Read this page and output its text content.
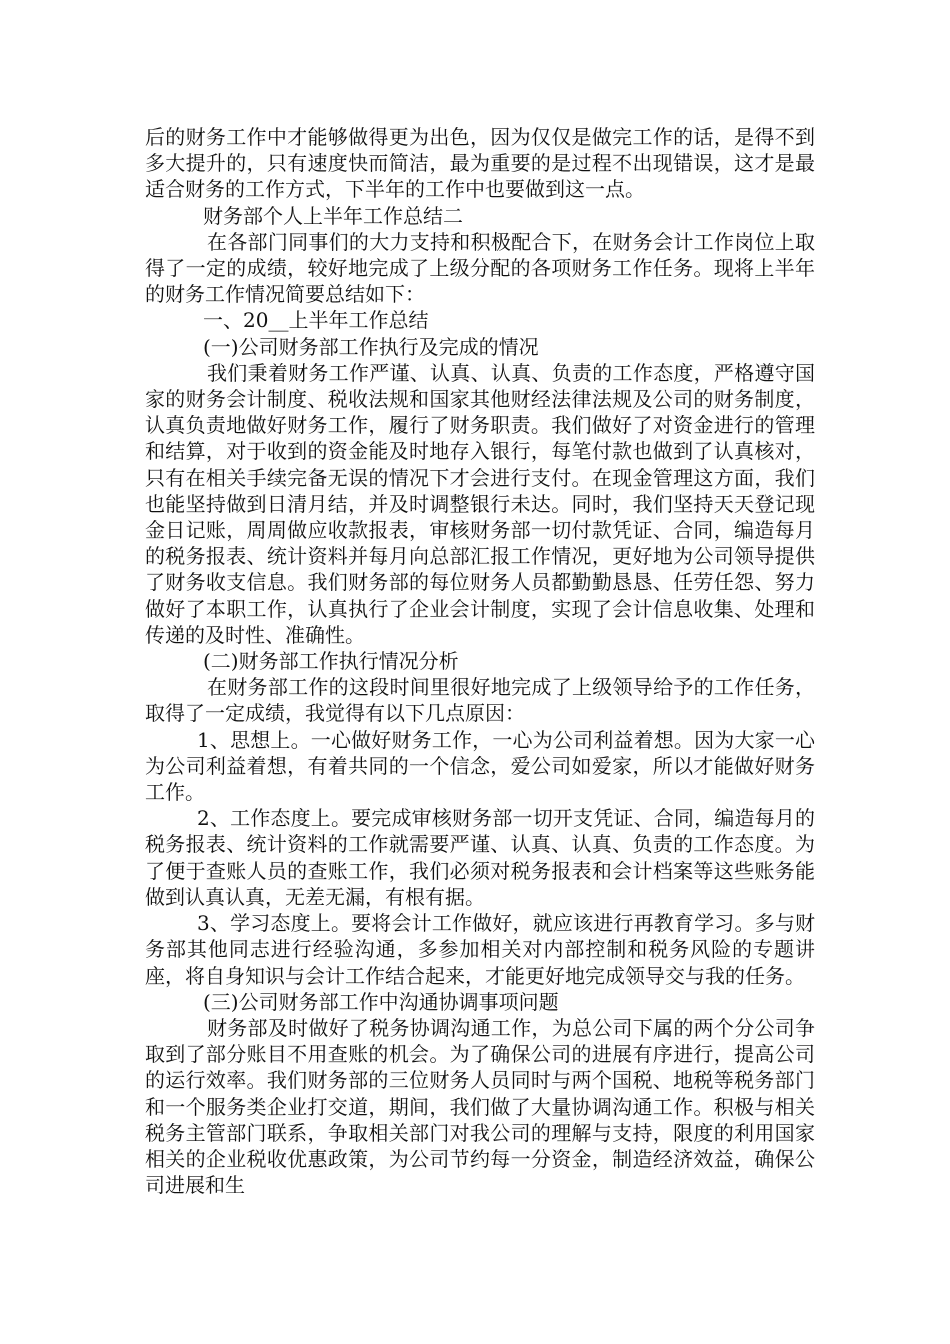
后的财务工作中才能够做得更为出色，因为仅仅是做完工作的话，是得不到多大提升的，只有速度快而简洁，最为重要的是过程不出现错误，这才是最适合财务的工作方式，下半年的工作中也要做到这一点。

财务部个人上半年工作总结二

在各部门同事们的大力支持和积极配合下，在财务会计工作岗位上取得了一定的成绩，较好地完成了上级分配的各项财务工作任务。现将上半年的财务工作情况简要总结如下：

一、20__上半年工作总结

(一)公司财务部工作执行及完成的情况

我们秉着财务工作严谨、认真、认真、负责的工作态度，严格遵守国家的财务会计制度、税收法规和国家其他财经法律法规及公司的财务制度，认真负责地做好财务工作，履行了财务职责。我们做好了对资金进行的管理和结算，对于收到的资金能及时地存入银行，每笔付款也做到了认真核对，只有在相关手续完备无误的情况下才会进行支付。在现金管理这方面，我们也能坚持做到日清月结，并及时调整银行未达。同时，我们坚持天天登记现金日记账，周周做应收款报表，审核财务部一切付款凭证、合同，编造每月的税务报表、统计资料并每月向总部汇报工作情况，更好地为公司领导提供了财务收支信息。我们财务部的每位财务人员都勤勤恳恳、任劳任怨、努力做好了本职工作，认真执行了企业会计制度，实现了会计信息收集、处理和传递的及时性、准确性。

(二)财务部工作执行情况分析

在财务部工作的这段时间里很好地完成了上级领导给予的工作任务，取得了一定成绩，我觉得有以下几点原因：

1、思想上。一心做好财务工作，一心为公司利益着想。因为大家一心为公司利益着想，有着共同的一个信念，爱公司如爱家，所以才能做好财务工作。

2、工作态度上。要完成审核财务部一切开支凭证、合同，编造每月的税务报表、统计资料的工作就需要严谨、认真、认真、负责的工作态度。为了便于查账人员的查账工作，我们必须对税务报表和会计档案等这些账务能做到认真认真，无差无漏，有根有据。

3、学习态度上。要将会计工作做好，就应该进行再教育学习。多与财务部其他同志进行经验沟通，多参加相关对内部控制和税务风险的专题讲座，将自身知识与会计工作结合起来，才能更好地完成领导交与我的任务。

(三)公司财务部工作中沟通协调事项问题

财务部及时做好了税务协调沟通工作，为总公司下属的两个分公司争取到了部分账目不用查账的机会。为了确保公司的进展有序进行，提高公司的运行效率。我们财务部的三位财务人员同时与两个国税、地税等税务部门和一个服务类企业打交道，期间，我们做了大量协调沟通工作。积极与相关税务主管部门联系，争取相关部门对我公司的理解与支持，限度的利用国家相关的企业税收优惠政策，为公司节约每一分资金，制造经济效益，确保公司进展和生
